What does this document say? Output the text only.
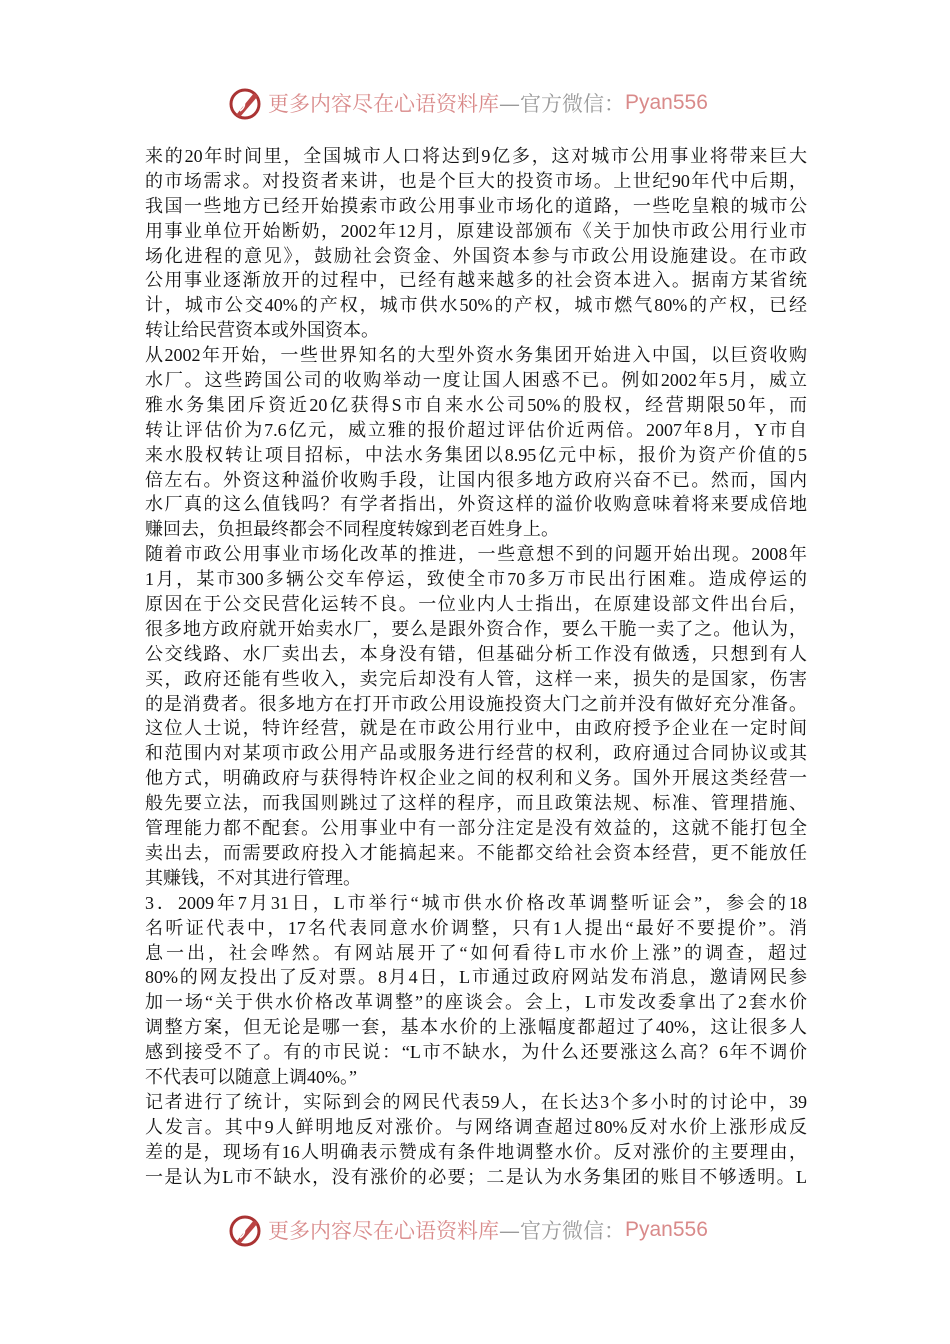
更多内容尽在心语资料库 —官方微信： Pyan556
来的20年时间里，全国城市人口将达到9亿多，这对城市公用事业将带来巨大
的市场需求。对投资者来讲，也是个巨大的投资市场。上世纪90年代中后期，
我国一些地方已经开始摸索市政公用事业市场化的道路，一些吃皇粮的城市公
用事业单位开始断奶，2002年12月，原建设部颁布《关于加快市政公用行业市
场化进程的意见》，鼓励社会资金、外国资本参与市政公用设施建设。在市政
公用事业逐渐放开的过程中，已经有越来越多的社会资本进入。据南方某省统
计，城市公交40%的产权，城市供水50%的产权，城市燃气80%的产权，已经
转让给民营资本或外国资本。
从2002年开始，一些世界知名的大型外资水务集团开始进入中国，以巨资收购
水厂。这些跨国公司的收购举动一度让国人困惑不已。例如2002年5月，威立
雅水务集团斥资近20亿获得S市自来水公司50%的股权，经营期限50年，而
转让评估价为7.6亿元，威立雅的报价超过评估价近两倍。2007年8月，Y市自
来水股权转让项目招标，中法水务集团以8.95亿元中标，报价为资产价值的5
倍左右。外资这种溢价收购手段，让国内很多地方政府兴奋不已。然而，国内
水厂真的这么值钱吗？有学者指出，外资这样的溢价收购意味着将来要成倍地
赚回去，负担最终都会不同程度转嫁到老百姓身上。
随着市政公用事业市场化改革的推进，一些意想不到的问题开始出现。2008年
1月，某市300多辆公交车停运，致使全市70多万市民出行困难。造成停运的
原因在于公交民营化运转不良。一位业内人士指出，在原建设部文件出台后，
很多地方政府就开始卖水厂，要么是跟外资合作，要么干脆一卖了之。他认为，
公交线路、水厂卖出去，本身没有错，但基础分析工作没有做透，只想到有人
买，政府还能有些收入，卖完后却没有人管，这样一来，损失的是国家，伤害
的是消费者。很多地方在打开市政公用设施投资大门之前并没有做好充分准备。
这位人士说，特许经营，就是在市政公用行业中，由政府授予企业在一定时间
和范围内对某项市政公用产品或服务进行经营的权利，政府通过合同协议或其
他方式，明确政府与获得特许权企业之间的权利和义务。国外开展这类经营一
般先要立法，而我国则跳过了这样的程序，而且政策法规、标准、管理措施、
管理能力都不配套。公用事业中有一部分注定是没有效益的，这就不能打包全
卖出去，而需要政府投入才能搞起来。不能都交给社会资本经营，更不能放任
其赚钱，不对其进行管理。
3．2009年7月31日，L市举行“城市供水价格改革调整听证会”，参会的18
名听证代表中，17名代表同意水价调整，只有1人提出“最好不要提价”。消
息一出，社会哗然。有网站展开了“如何看待L市水价上涨”的调查，超过
80%的网友投出了反对票。8月4日，L市通过政府网站发布消息，邀请网民参
加一场“关于供水价格改革调整”的座谈会。会上，L市发改委拿出了2套水价
调整方案，但无论是哪一套，基本水价的上涨幅度都超过了40%，这让很多人
感到接受不了。有的市民说：“L市不缺水，为什么还要涨这么高？6年不调价
不代表可以随意上调40%。”
记者进行了统计，实际到会的网民代表59人，在长达3个多小时的讨论中，39
人发言。其中9人鲜明地反对涨价。与网络调查超过80%反对水价上涨形成反
差的是，现场有16人明确表示赞成有条件地调整水价。反对涨价的主要理由，
一是认为L市不缺水，没有涨价的必要；二是认为水务集团的账目不够透明。L
更多内容尽在心语资料库 —官方微信： Pyan556
